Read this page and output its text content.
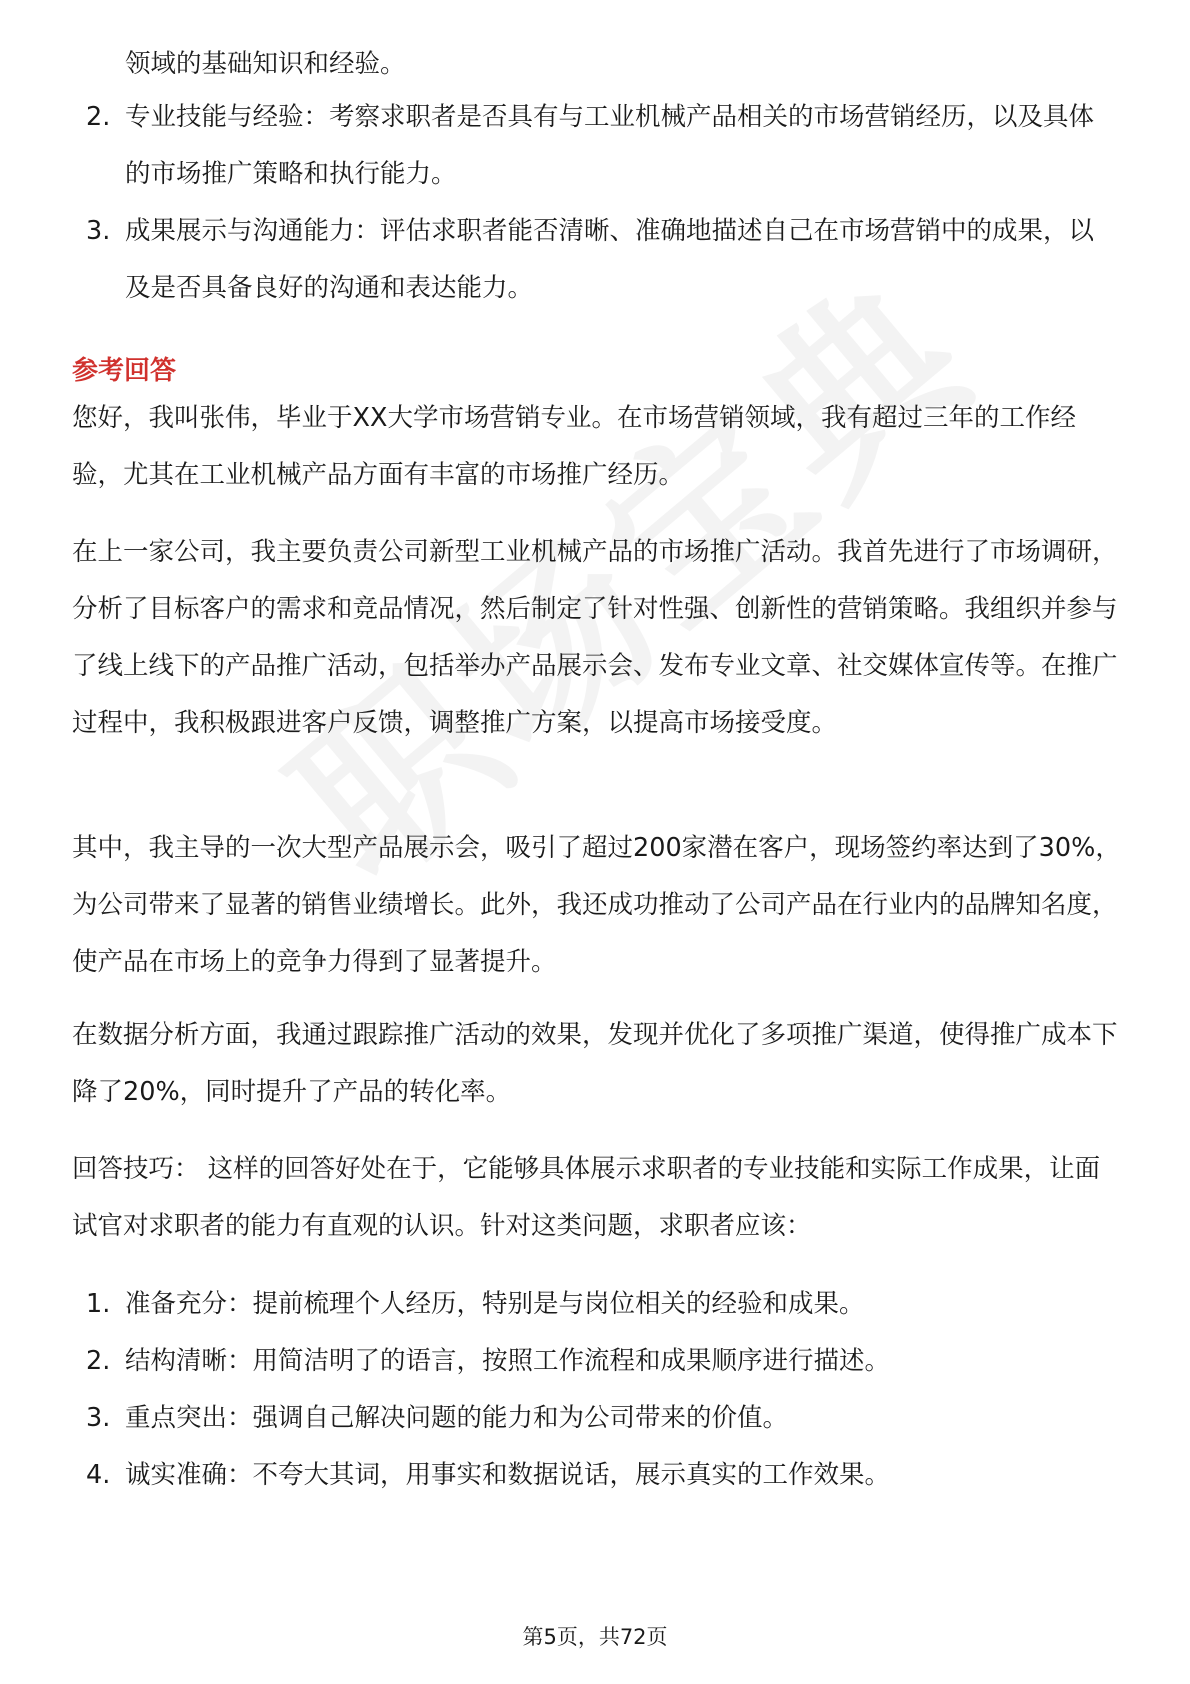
领域的基础知识和经验。
2. 专业技能与经验：考察求职者是否具有与工业机械产品相关的市场营销经历，以及具体的市场推广策略和执行能力。
3. 成果展示与沟通能力：评估求职者能否清晰、准确地描述自己在市场营销中的成果，以及是否具备良好的沟通和表达能力。
参考回答
您好，我叫张伟，毕业于XX大学市场营销专业。在市场营销领域，我有超过三年的工作经验，尤其在工业机械产品方面有丰富的市场推广经历。
在上一家公司，我主要负责公司新型工业机械产品的市场推广活动。我首先进行了市场调研，分析了目标客户的需求和竞品情况，然后制定了针对性强、创新性的营销策略。我组织并参与了线上线下的产品推广活动，包括举办产品展示会、发布专业文章、社交媒体宣传等。在推广过程中，我积极跟进客户反馈，调整推广方案，以提高市场接受度。
其中，我主导的一次大型产品展示会，吸引了超过200家潜在客户，现场签约率达到了30%，为公司带来了显著的销售业绩增长。此外，我还成功推动了公司产品在行业内的品牌知名度，使产品在市场上的竞争力得到了显著提升。
在数据分析方面，我通过跟踪推广活动的效果，发现并优化了多项推广渠道，使得推广成本下降了20%，同时提升了产品的转化率。
回答技巧： 这样的回答好处在于，它能够具体展示求职者的专业技能和实际工作成果，让面试官对求职者的能力有直观的认识。针对这类问题，求职者应该：
1. 准备充分：提前梳理个人经历，特别是与岗位相关的经验和成果。
2. 结构清晰：用简洁明了的语言，按照工作流程和成果顺序进行描述。
3. 重点突出：强调自己解决问题的能力和为公司带来的价值。
4. 诚实准确：不夸大其词，用事实和数据说话，展示真实的工作效果。
第5页，共72页
